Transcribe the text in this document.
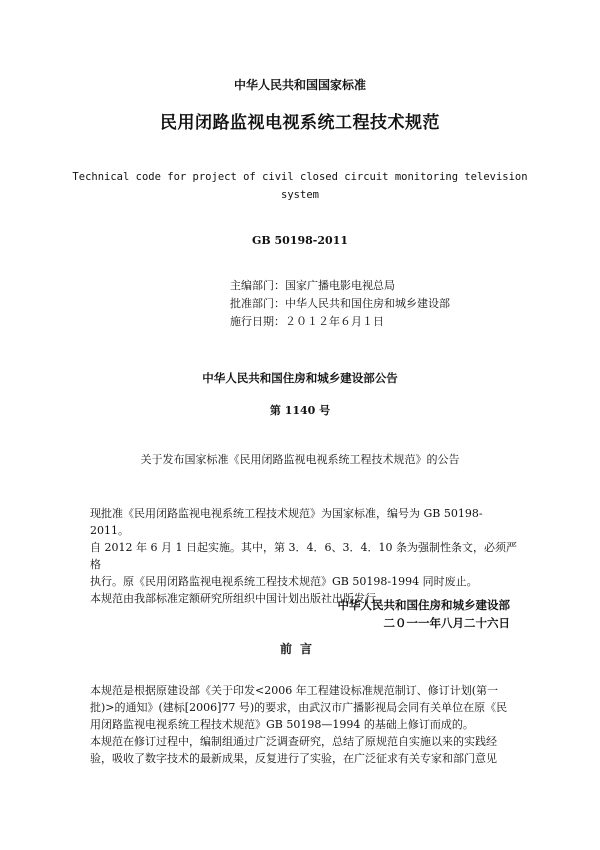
中华人民共和国国家标准
民用闭路监视电视系统工程技术规范
Technical code for project of civil closed circuit monitoring television
system
GB 50198-2011
主编部门：国家广播电影电视总局
批准部门：中华人民共和国住房和城乡建设部
施行日期：２０１２年６月１日
中华人民共和国住房和城乡建设部公告
第 1140 号
关于发布国家标准《民用闭路监视电视系统工程技术规范》的公告

现批准《民用闭路监视电视系统工程技术规范》为国家标准，编号为 GB 50198-2011。

自 2012 年 6 月 1 日起实施。其中，第 3．4．6、3．4．10 条为强制性条文，必须严格

执行。原《民用闭路监视电视系统工程技术规范》GB 50198-1994 同时废止。

本规范由我部标准定额研究所组织中国计划出版社出版发行。

中华人民共和国住房和城乡建设部
二０一一年八月二十六日
前言

本规范是根据原建设部《关于印发<2006 年工程建设标准规范制订、修订计划(第一

批)>的通知》(建标[2006]77 号)的要求，由武汉市广播影视局会同有关单位在原《民

用闭路监视电视系统工程技术规范》GB 50198—1994 的基础上修订而成的。

本规范在修订过程中，编制组通过广泛调查研究，总结了原规范自实施以来的实践经

验，吸收了数字技术的最新成果，反复进行了实验，在广泛征求有关专家和部门意见
